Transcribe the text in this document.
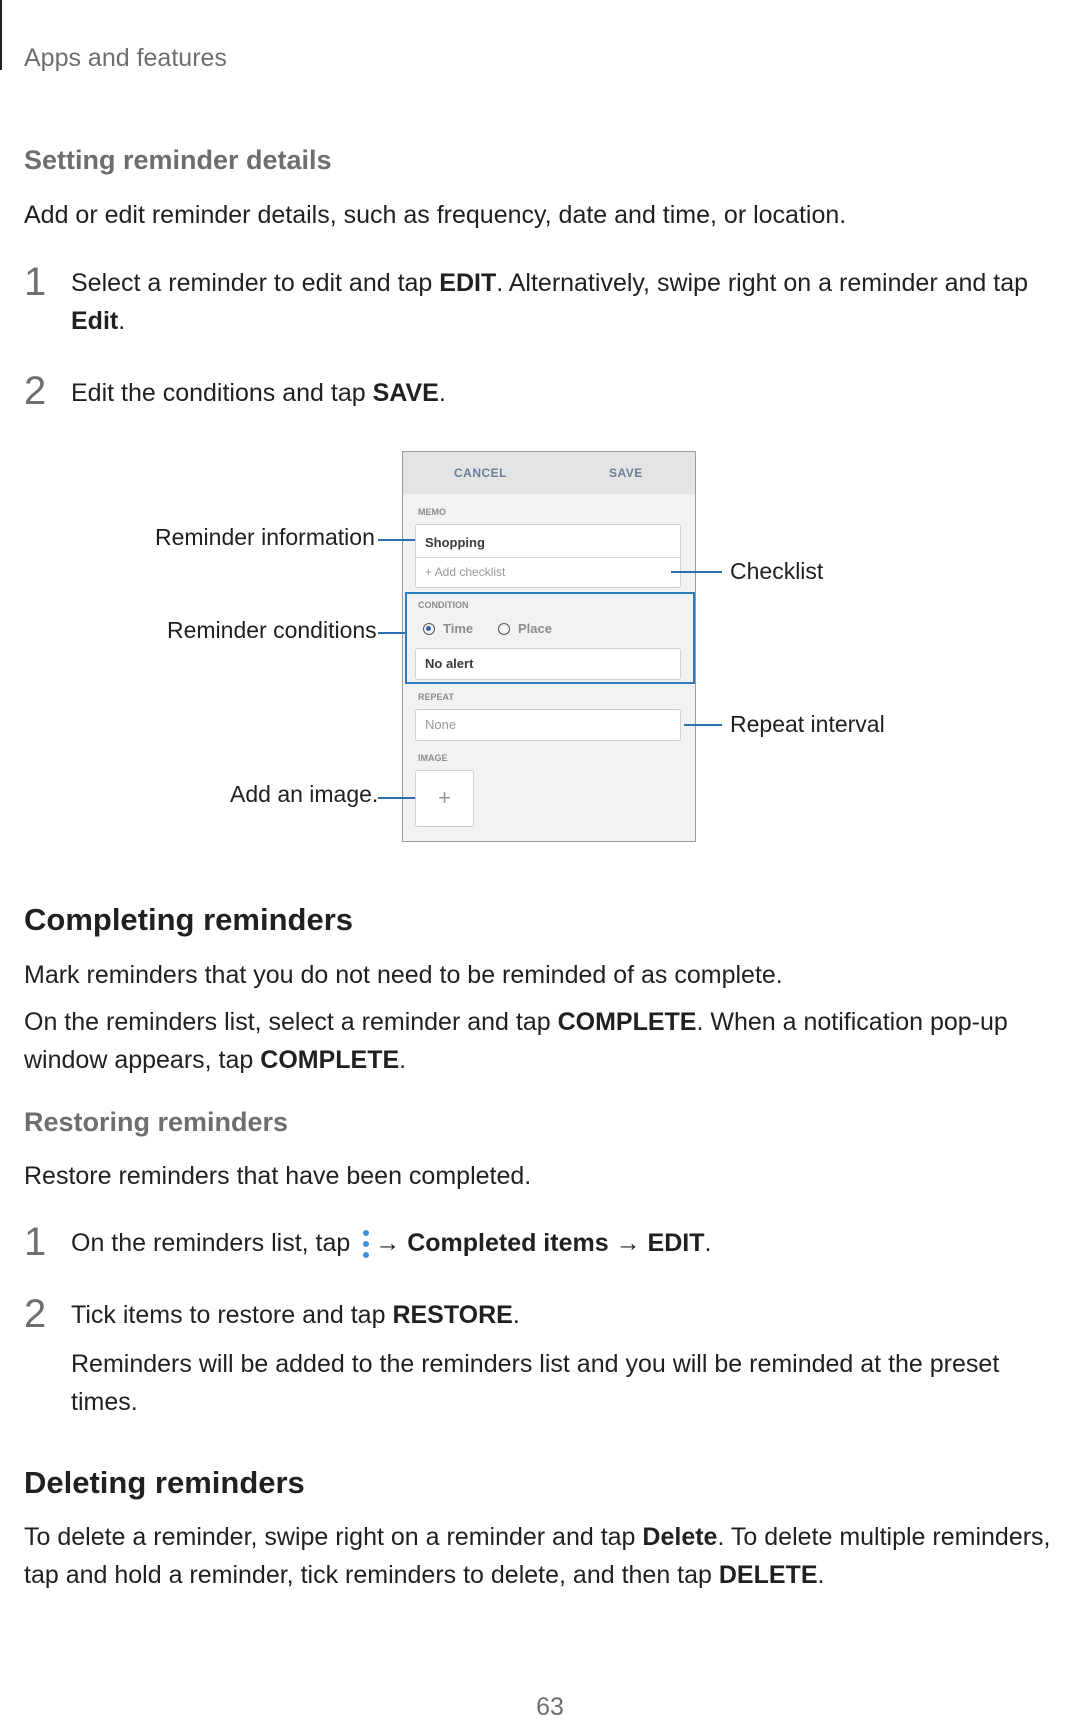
Apps and features
Setting reminder details
Add or edit reminder details, such as frequency, date and time, or location.
1 Select a reminder to edit and tap EDIT. Alternatively, swipe right on a reminder and tap Edit.
2 Edit the conditions and tap SAVE.
CANCEL	SAVE
MEMO
Shopping
+ Add checklist
CONDITION
Time	Place
No alert
REPEAT
None
IMAGE
+
Reminder information
Reminder conditions
Add an image.
Checklist
Repeat interval
Completing reminders
Mark reminders that you do not need to be reminded of as complete.
On the reminders list, select a reminder and tap COMPLETE. When a notification pop-up window appears, tap COMPLETE.
Restoring reminders
Restore reminders that have been completed.
1 On the reminders list, tap
→ Completed items → EDIT.
2 Tick items to restore and tap RESTORE.
Reminders will be added to the reminders list and you will be reminded at the preset times.
Deleting reminders
To delete a reminder, swipe right on a reminder and tap Delete. To delete multiple reminders, tap and hold a reminder, tick reminders to delete, and then tap DELETE.
63
